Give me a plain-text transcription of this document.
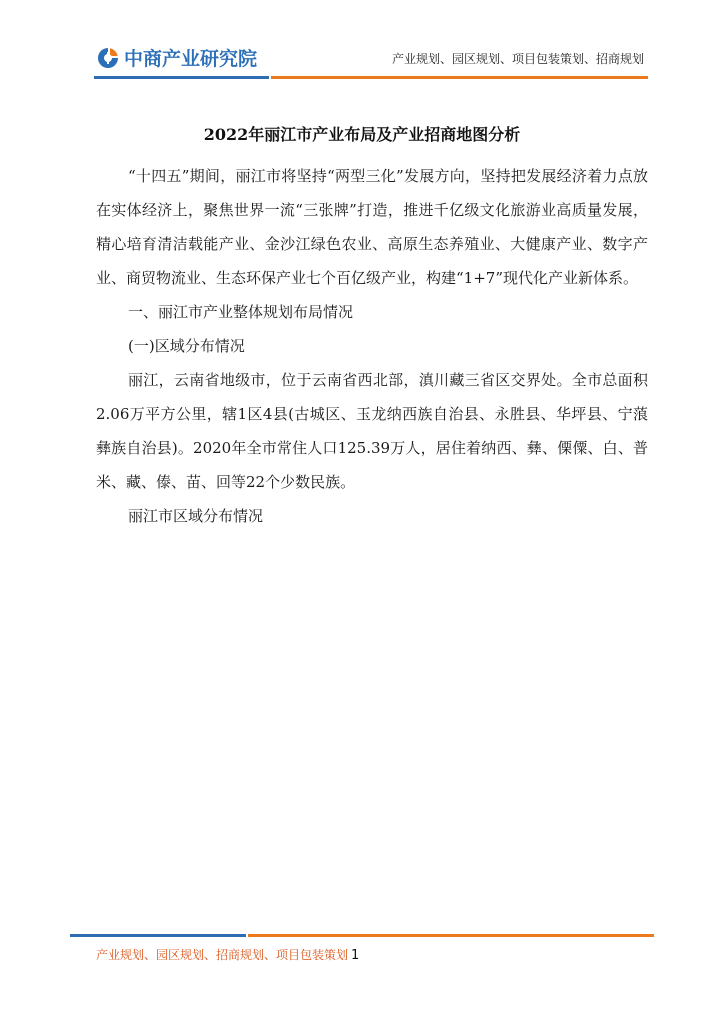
中商产业研究院	产业规划、园区规划、项目包装策划、招商规划
2022年丽江市产业布局及产业招商地图分析

“十四五”期间，丽江市将坚持“两型三化”发展方向，坚持把发展经济着力点放在实体经济上，聚焦世界一流“三张牌”打造，推进千亿级文化旅游业高质量发展，精心培育清洁载能产业、金沙江绿色农业、高原生态养殖业、大健康产业、数字产业、商贸物流业、生态环保产业七个百亿级产业，构建“1+7”现代化产业新体系。

一、丽江市产业整体规划布局情况

(一)区域分布情况

丽江，云南省地级市，位于云南省西北部，滇川藏三省区交界处。全市总面积2.06万平方公里，辖1区4县(古城区、玉龙纳西族自治县、永胜县、华坪县、宁蒗彝族自治县)。2020年全市常住人口125.39万人，居住着纳西、彝、傈僳、白、普米、藏、傣、苗、回等22个少数民族。

丽江市区域分布情况

产业规划、园区规划、招商规划、项目包装策划 1
